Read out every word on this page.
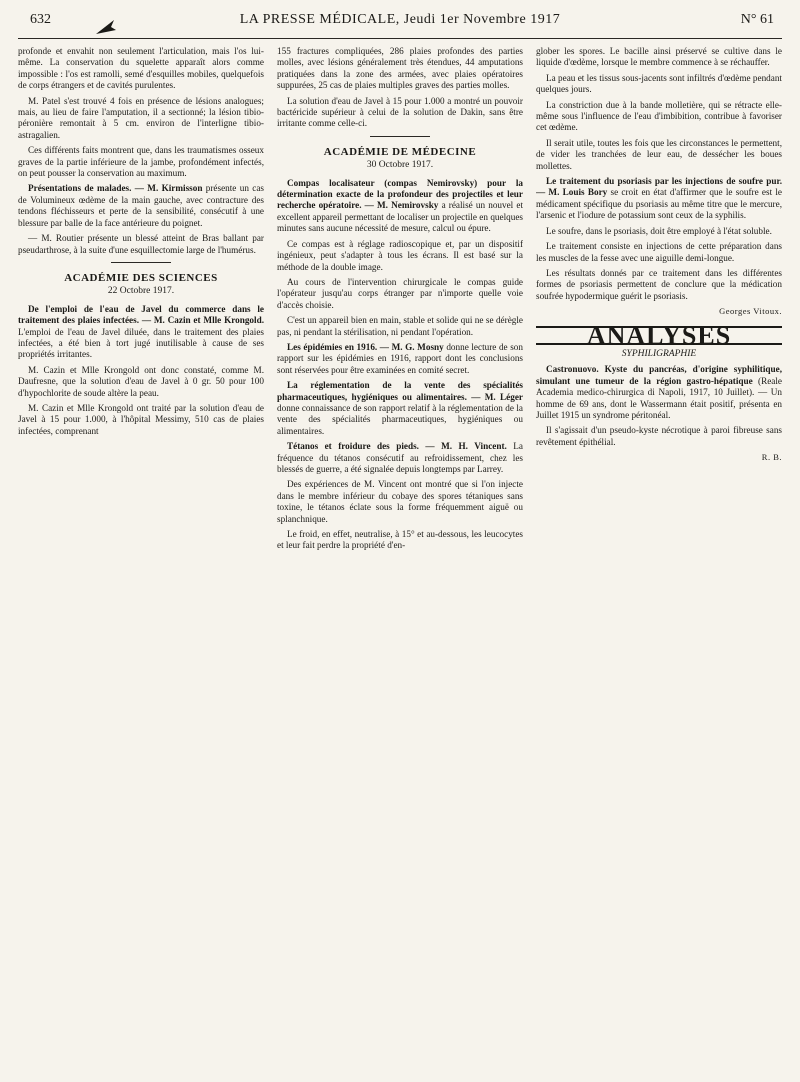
632	LA PRESSE MÉDICALE, Jeudi 1er Novembre 1917	N° 61

profonde et envahit non seulement l'articulation, mais l'os lui-même. La conservation du squelette apparaît alors comme impossible : l'os est ramolli, semé d'esquilles mobiles, quelquefois de corps étrangers et de cavités purulentes.

M. Patel s'est trouvé 4 fois en présence de lésions analogues; mais, au lieu de faire l'amputation, il a sectionné; la lésion tibio-péronière remontait à 5 cm. environ de l'interligne tibio-astragalien.

Ces différents faits montrent que, dans les traumatismes osseux graves de la partie inférieure de la jambe, profondément infectés, on peut pousser la conservation au maximum.

Présentations de malades. — M. Kirmisson présente un cas de Volumineux œdème de la main gauche, avec contracture des tendons fléchisseurs et perte de la sensibilité, consécutif à une blessure par balle de la face antérieure du poignet.

— M. Routier présente un blessé atteint de Bras ballant par pseudarthrose, à la suite d'une esquillectomie large de l'humérus.

ACADÉMIE DES SCIENCES
22 Octobre 1917.

De l'emploi de l'eau de Javel du commerce dans le traitement des plaies infectées. — M. Cazin et Mlle Krongold. L'emploi de l'eau de Javel diluée, dans le traitement des plaies infectées, a été bien à tort jugé inutilisable à cause de ses propriétés irritantes.

M. Cazin et Mlle Krongold ont donc constaté, comme M. Daufresne, que la solution d'eau de Javel à 0 gr. 50 pour 100 d'hypochlorite de soude altère la peau.

M. Cazin et Mlle Krongold ont traité par la solution d'eau de Javel à 15 pour 1.000, à l'hôpital Messimy, 510 cas de plaies infectées, comprenant

155 fractures compliquées, 286 plaies profondes des parties molles, avec lésions généralement très étendues, 44 amputations pratiquées dans la zone des armées, avec plaies opératoires suppurées, 25 cas de plaies multiples graves des parties molles.

La solution d'eau de Javel à 15 pour 1.000 a montré un pouvoir bactéricide supérieur à celui de la solution de Dakin, sans être irritante comme celle-ci.

ACADÉMIE DE MÉDECINE
30 Octobre 1917.

Compas localisateur (compas Nemirovsky) pour la détermination exacte de la profondeur des projectiles et leur recherche opératoire. — M. Nemirovsky a réalisé un nouvel et excellent appareil permettant de localiser un projectile en quelques minutes sans aucune nécessité de mesure, calcul ou épure.

Ce compas est à réglage radioscopique et, par un dispositif ingénieux, peut s'adapter à tous les écrans. Il est basé sur la méthode de la double image.

Au cours de l'intervention chirurgicale le compas guide l'opérateur jusqu'au corps étranger par n'importe quelle voie d'accès choisie.

C'est un appareil bien en main, stable et solide qui ne se dérègle pas, ni pendant la stérilisation, ni pendant l'opération.

Les épidémies en 1916. — M. G. Mosny donne lecture de son rapport sur les épidémies en 1916, rapport dont les conclusions sont réservées pour être examinées en comité secret.

La réglementation de la vente des spécialités pharmaceutiques, hygiéniques ou alimentaires. — M. Léger donne connaissance de son rapport relatif à la réglementation de la vente des spécialités pharmaceutiques, hygiéniques ou alimentaires.

Tétanos et froidure des pieds. — M. H. Vincent. La fréquence du tétanos consécutif au refroidissement, chez les blessés de guerre, a été signalée depuis longtemps par Larrey.

Des expériences de M. Vincent ont montré que si l'on injecte dans le membre inférieur du cobaye des spores tétaniques sans toxine, le tétanos éclate sous la forme fréquemment aiguë ou splanchnique.

Le froid, en effet, neutralise, à 15° et au-dessous, les leucocytes et leur fait perdre la propriété d'en-

glober les spores. Le bacille ainsi préservé se cultive dans le liquide d'œdème, lorsque le membre commence à se réchauffer.

La peau et les tissus sous-jacents sont infiltrés d'œdème pendant quelques jours.

La constriction due à la bande molletière, qui se rétracte elle-même sous l'influence de l'eau d'imbibition, contribue à favoriser cet œdème.

Il serait utile, toutes les fois que les circonstances le permettent, de vider les tranchées de leur eau, de dessécher les boues mollettes.

Le traitement du psoriasis par les injections de soufre pur. — M. Louis Bory se croit en état d'affirmer que le soufre est le médicament spécifique du psoriasis au même titre que le mercure, l'arsenic et l'iodure de potassium sont ceux de la syphilis.

Le soufre, dans le psoriasis, doit être employé à l'état soluble.

Le traitement consiste en injections de cette préparation dans les muscles de la fesse avec une aiguille demi-longue.

Les résultats donnés par ce traitement dans les différentes formes de psoriasis permettent de conclure que la médication soufrée hypodermique guérit le psoriasis.

Georges Vitoux.
ANALYSES
SYPHILIGRAPHIE

Castronuovo. Kyste du pancréas, d'origine syphilitique, simulant une tumeur de la région gastro-hépatique (Reale Academia medico-chirurgica di Napoli, 1917, 10 Juillet). — Un homme de 69 ans, dont le Wassermann était positif, présenta en Juillet 1915 un syndrome péritonéal.

Il s'agissait d'un pseudo-kyste nécrotique à paroi fibreuse sans revêtement épithélial.

R. B.
